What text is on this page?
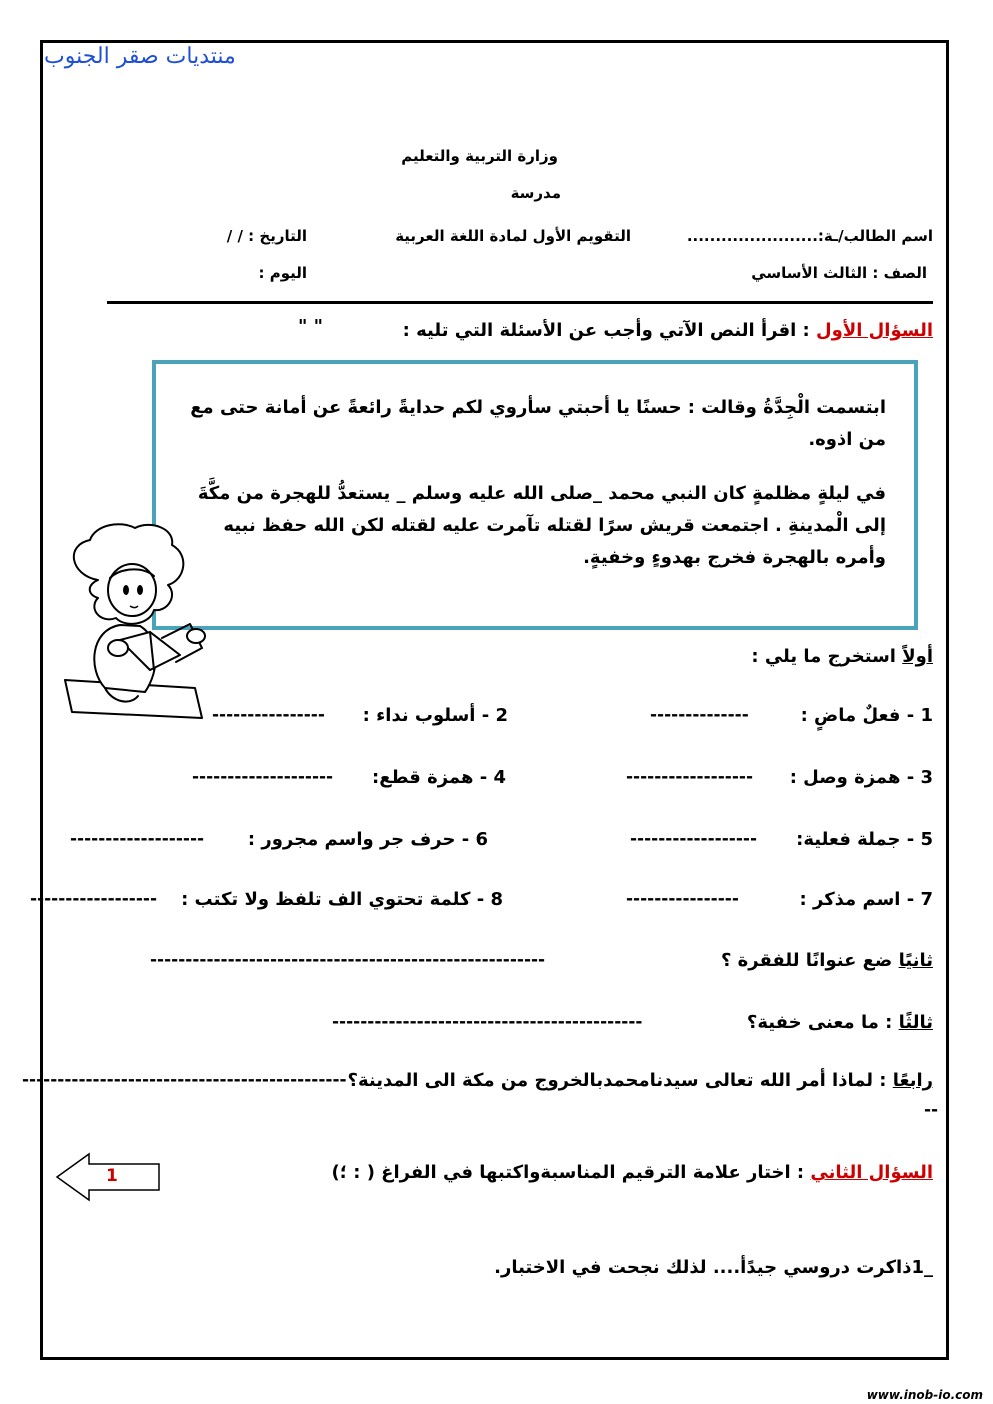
منتديات صقر الجنوب
وزارة التربية والتعليم
مدرسة
اسم الطالب/ـة:.......................
التقويم الأول لمادة اللغة العربية
التاريخ : / /
الصف : الثالث الأساسي
اليوم :
السؤال الأول : اقرأ النص الآتي وأجب عن الأسئلة التي تليه :
" "

ابتسمت الْجِدَّةُ وقالت : حسنًا يا أحبتي سأروي لكم حدايةً رائعةً عن أمانة حتى مع من اذوه.

في ليلةٍ مظلمةٍ كان النبي محمد _صلى الله عليه وسلم _ يستعدُّ للهجرة من مكَّةَ إلى الْمدينةِ . اجتمعت قريش سرًا لقتله تآمرت عليه لقتله لكن الله حفظ نبيه وأمره بالهجرة فخرج بهدوءٍ وخفيةٍ.

أولاً استخرج ما يلي :
1 - فعلٌ ماضٍ :
--------------
2 - أسلوب نداء :
----------------
3 - همزة وصل :
------------------
4 - همزة قطع:
--------------------
5 - جملة فعلية:
------------------
6 - حرف جر واسم مجرور :
-------------------
7 - اسم مذكر :
----------------
8 - كلمة تحتوي الف تلفظ ولا تكتب :
------------------
ثانيًا ضع عنوانًا للفقرة ؟
--------------------------------------------------------
ثالثًا : ما معنى خفية؟
--------------------------------------------
رابعًا : لماذا أمر الله تعالى سيدنامحمدبالخروج من مكة الى المدينة؟
----------------------------------------------
--
السؤال الثاني : اختار علامة الترقيم المناسبةواكتبها في الفراغ ( : ؛)
1
_1ذاكرت دروسي جيدًأ.... لذلك نجحت في الاختبار.
www.inob-io.com
